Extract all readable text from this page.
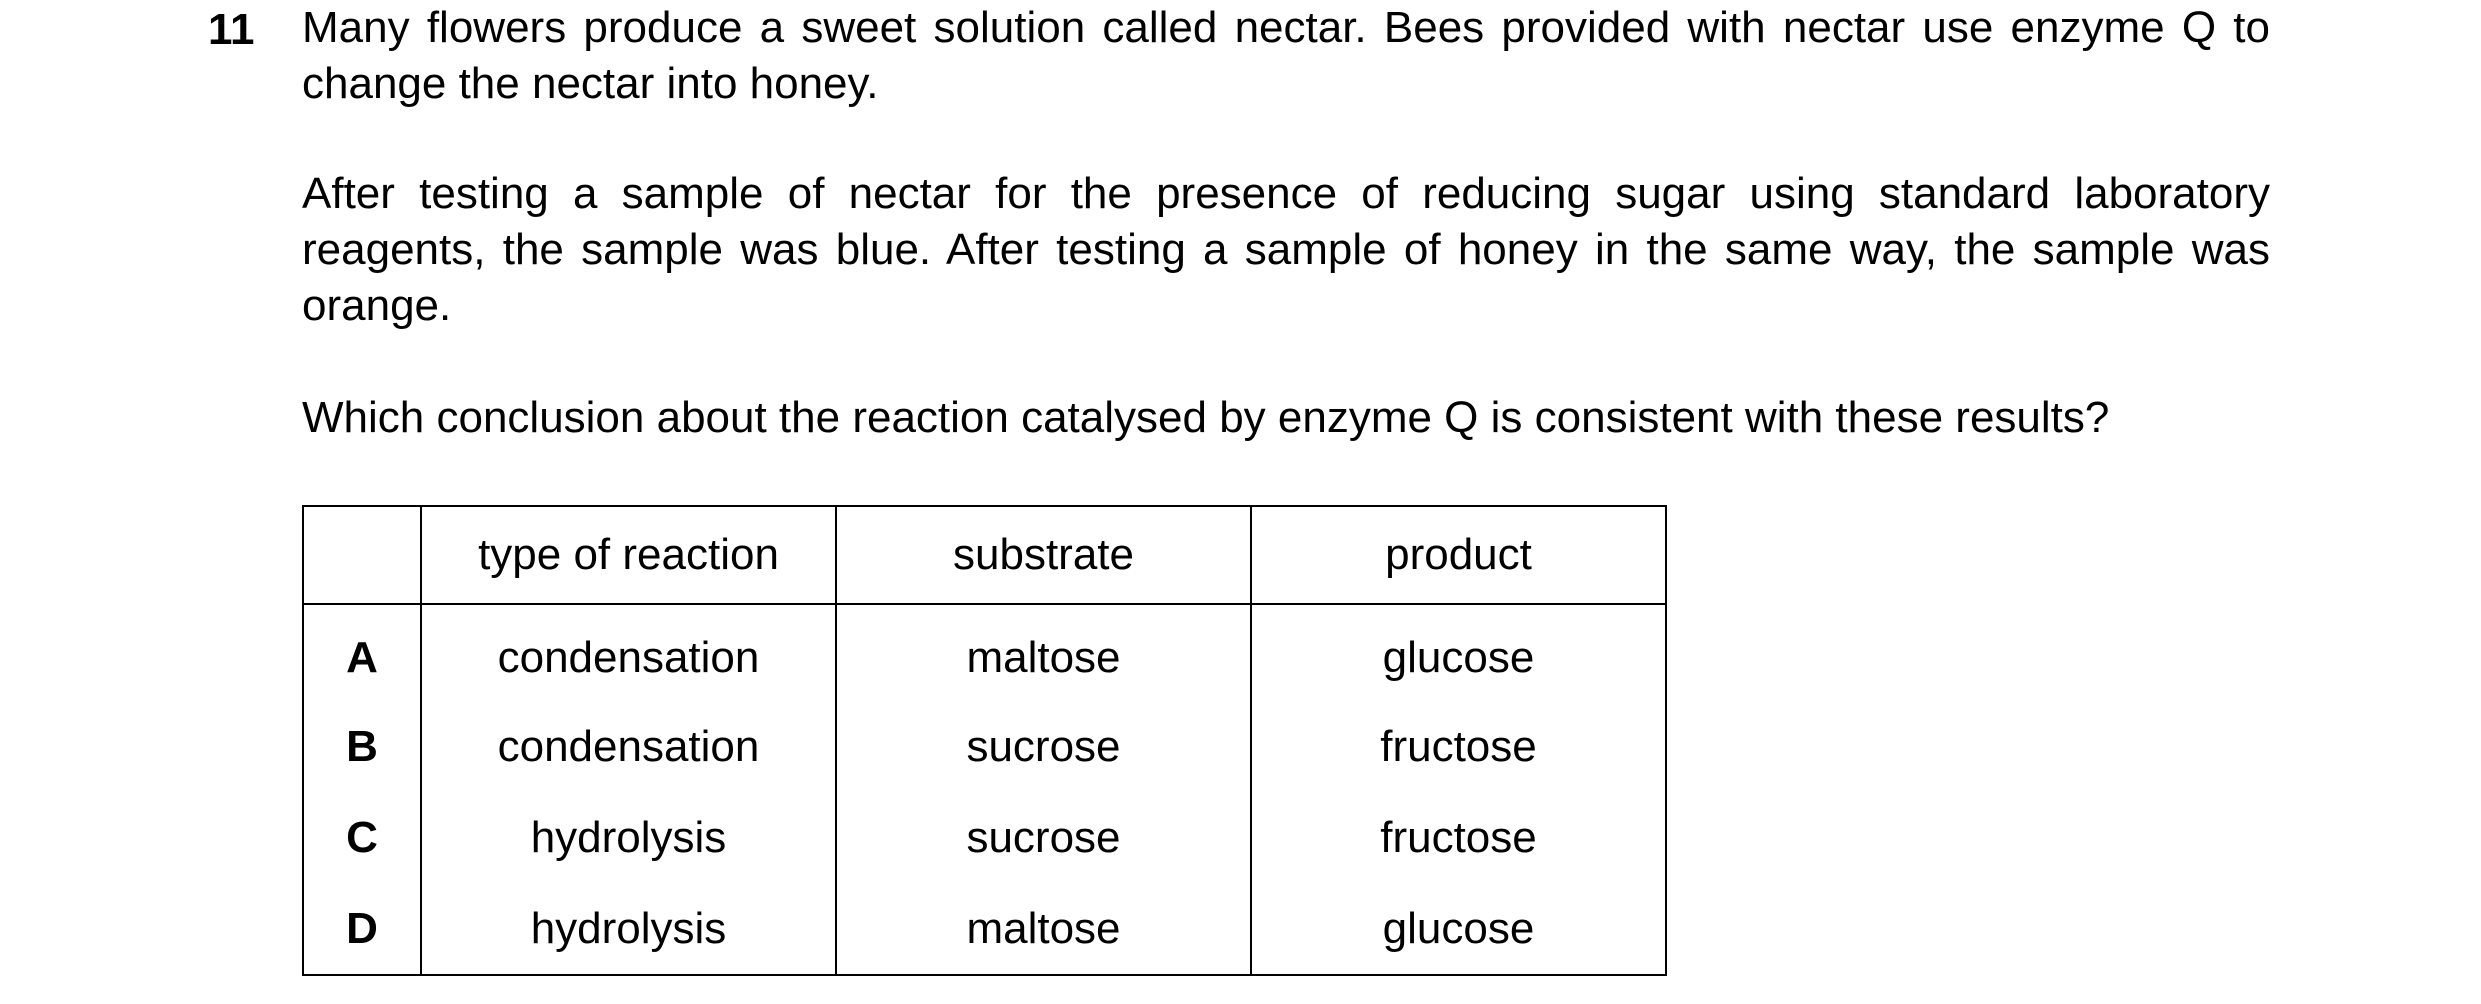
11 Many flowers produce a sweet solution called nectar. Bees provided with nectar use enzyme Q to change the nectar into honey.

After testing a sample of nectar for the presence of reducing sugar using standard laboratory reagents, the sample was blue. After testing a sample of honey in the same way, the sample was orange.

Which conclusion about the reaction catalysed by enzyme Q is consistent with these results?

	type of reaction	substrate	product
A	condensation	maltose	glucose
B	condensation	sucrose	fructose
C	hydrolysis	sucrose	fructose
D	hydrolysis	maltose	glucose
